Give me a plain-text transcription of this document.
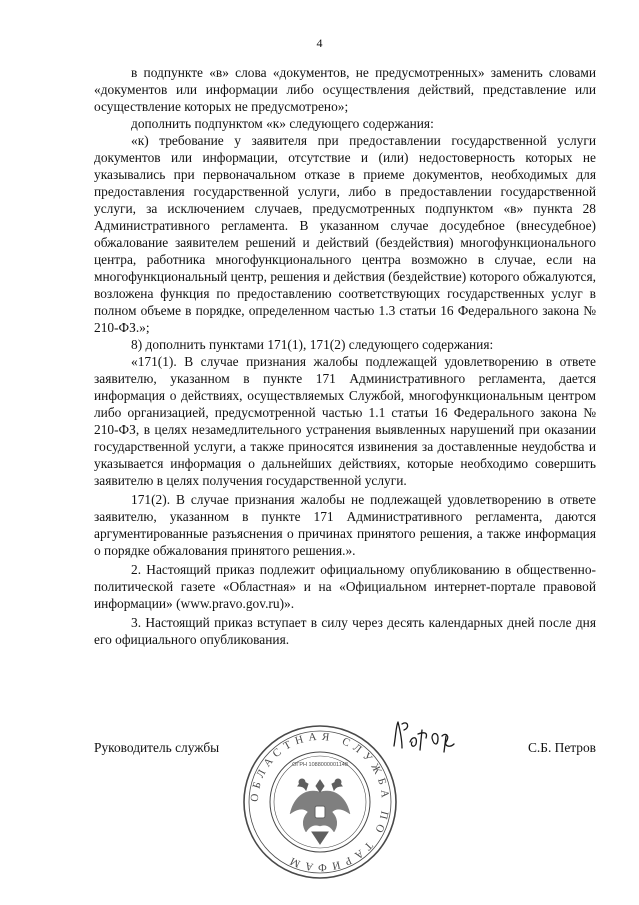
4

в подпункте «в» слова «документов, не предусмотренных» заменить словами «документов или информации либо осуществления действий, представление или осуществление которых не предусмотрено»;

дополнить подпунктом «к» следующего содержания:

«к) требование у заявителя при предоставлении государственной услуги документов или информации, отсутствие и (или) недостоверность которых не указывались при первоначальном отказе в приеме документов, необходимых для предоставления государственной услуги, либо в предоставлении государственной услуги, за исключением случаев, предусмотренных подпунктом «в» пункта 28 Административного регламента. В указанном случае досудебное (внесудебное) обжалование заявителем решений и действий (бездействия) многофункционального центра, работника многофункционального центра возможно в случае, если на многофункциональный центр, решения и действия (бездействие) которого обжалуются, возложена функция по предоставлению соответствующих государственных услуг в полном объеме в порядке, определенном частью 1.3 статьи 16 Федерального закона № 210-ФЗ.»;

8) дополнить пунктами 171(1), 171(2) следующего содержания:

«171(1). В случае признания жалобы подлежащей удовлетворению в ответе заявителю, указанном в пункте 171 Административного регламента, дается информация о действиях, осуществляемых Службой, многофункциональным центром либо организацией, предусмотренной частью 1.1 статьи 16 Федерального закона № 210-ФЗ, в целях незамедлительного устранения выявленных нарушений при оказании государственной услуги, а также приносятся извинения за доставленные неудобства и указывается информация о дальнейших действиях, которые необходимо совершить заявителю в целях получения государственной услуги.

171(2). В случае признания жалобы не подлежащей удовлетворению в ответе заявителю, указанном в пункте 171 Административного регламента, даются аргументированные разъяснения о причинах принятого решения, а также информация о порядке обжалования принятого решения.».

2. Настоящий приказ подлежит официальному опубликованию в общественно-политической газете «Областная» и на «Официальном интернет-портале правовой информации» (www.pravo.gov.ru)».

3. Настоящий приказ вступает в силу через десять календарных дней после дня его официального опубликования.

Руководитель службы	С.Б. Петров
ОБЛАСТНАЯ СЛУЖБА ПО ТАРИФАМ
ОГРН 1088000001148
